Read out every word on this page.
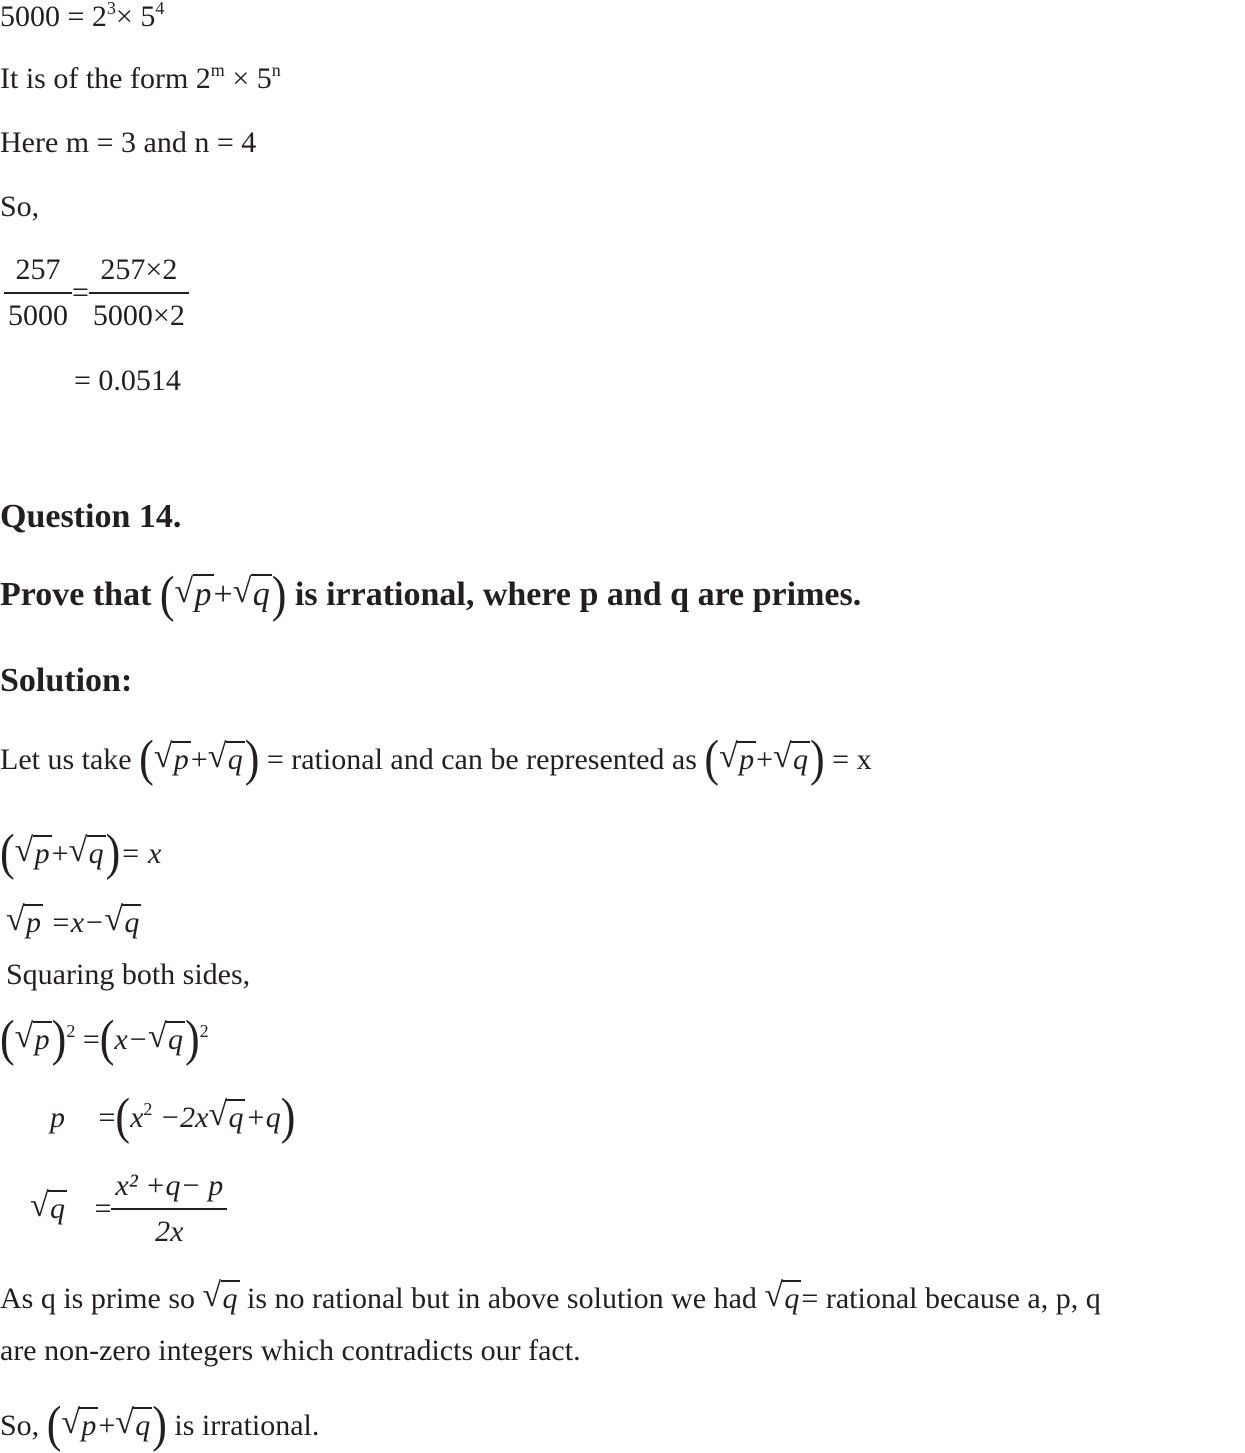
$5000 = 2^3\times 5^4$
It is of the form $2^m \times 5^n$
Here m = 3 and n = 4
So,
$\frac{257}{5000} = \frac{257\times 2}{5000\times 2}$
= 0.0514
Question 14.
Prove that ( √ p+ √ q) is irrational, where p and q are primes.
Solution:
Let us take ( √ p+ √ q) = rational and can be represented as ( √ p+ √ q) = x
( √ p+ √ q)= x
√ p =x− √ q
Squaring both sides,
( √ p)$^2$ =(x− √ q)$^2$
$p =(x^2 -2x$ √ q+q)
√ $q = \frac{\text{x² +q− p}}{2x}$
As q is prime so √ q is no rational but in above solution we had √ q= rational because a, p, q
are non-zero integers which contradicts our fact.
So, ( √ p+ √ q) is irrational.
